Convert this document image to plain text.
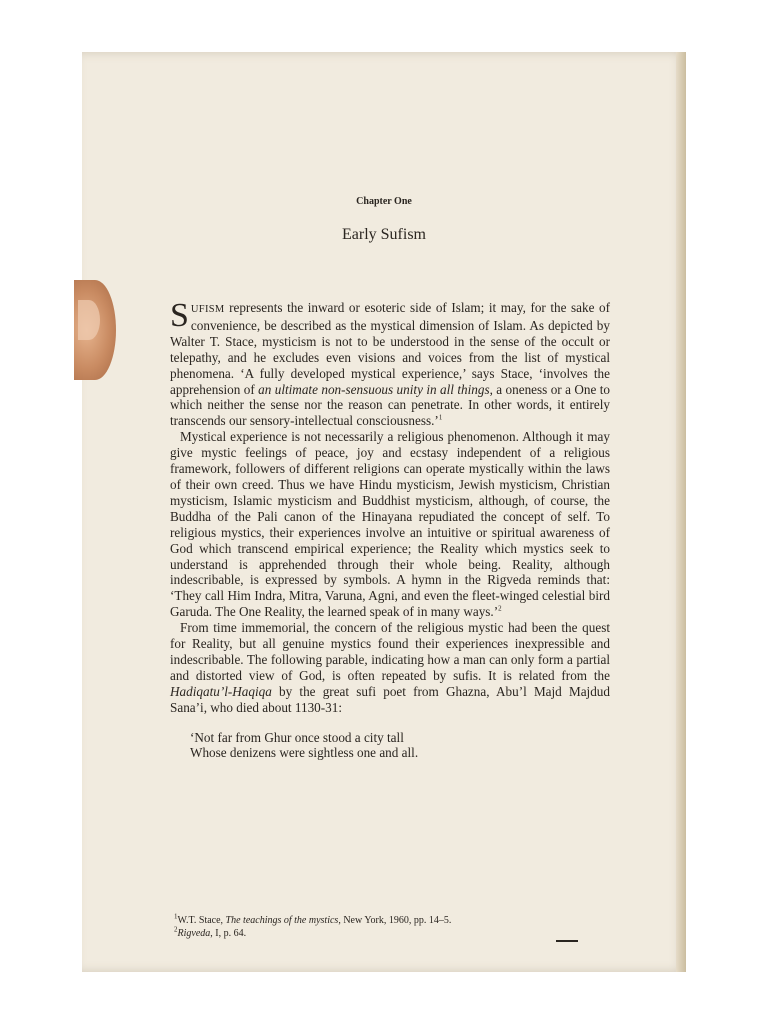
Chapter One
Early Sufism

SUFISM represents the inward or esoteric side of Islam; it may, for the sake of convenience, be described as the mystical dimension of Islam. As depicted by Walter T. Stace, mysticism is not to be understood in the sense of the occult or telepathy, and he excludes even visions and voices from the list of mystical phenomena. ‘A fully developed mystical experience,’ says Stace, ‘involves the apprehension of an ultimate non-sensuous unity in all things, a oneness or a One to which neither the sense nor the reason can penetrate. In other words, it entirely transcends our sensory-intellectual consciousness.’$^1$

Mystical experience is not necessarily a religious phenomenon. Although it may give mystic feelings of peace, joy and ecstasy independent of a religious framework, followers of different religions can operate mystically within the laws of their own creed. Thus we have Hindu mysticism, Jewish mysticism, Christian mysticism, Islamic mysticism and Buddhist mysticism, although, of course, the Buddha of the Pali canon of the Hinayana repudiated the concept of self. To religious mystics, their experiences involve an intuitive or spiritual awareness of God which transcend empirical experience; the Reality which mystics seek to understand is apprehended through their whole being. Reality, although indescribable, is expressed by symbols. A hymn in the Rigveda reminds that: ‘They call Him Indra, Mitra, Varuna, Agni, and even the fleet-winged celestial bird Garuda. The One Reality, the learned speak of in many ways.’$^2$

From time immemorial, the concern of the religious mystic had been the quest for Reality, but all genuine mystics found their experiences inexpressible and indescribable. The following parable, indicating how a man can only form a partial and distorted view of God, is often repeated by sufis. It is related from the Hadiqatu’l-Haqiqa by the great sufi poet from Ghazna, Abu’l Majd Majdud Sana’i, who died about 1130-31:

‘Not far from Ghur once stood a city tall
Whose denizens were sightless one and all.
$^1$W.T. Stace, The teachings of the mystics, New York, 1960, pp. 14–5.
$^2$Rigveda, I, p. 64.
